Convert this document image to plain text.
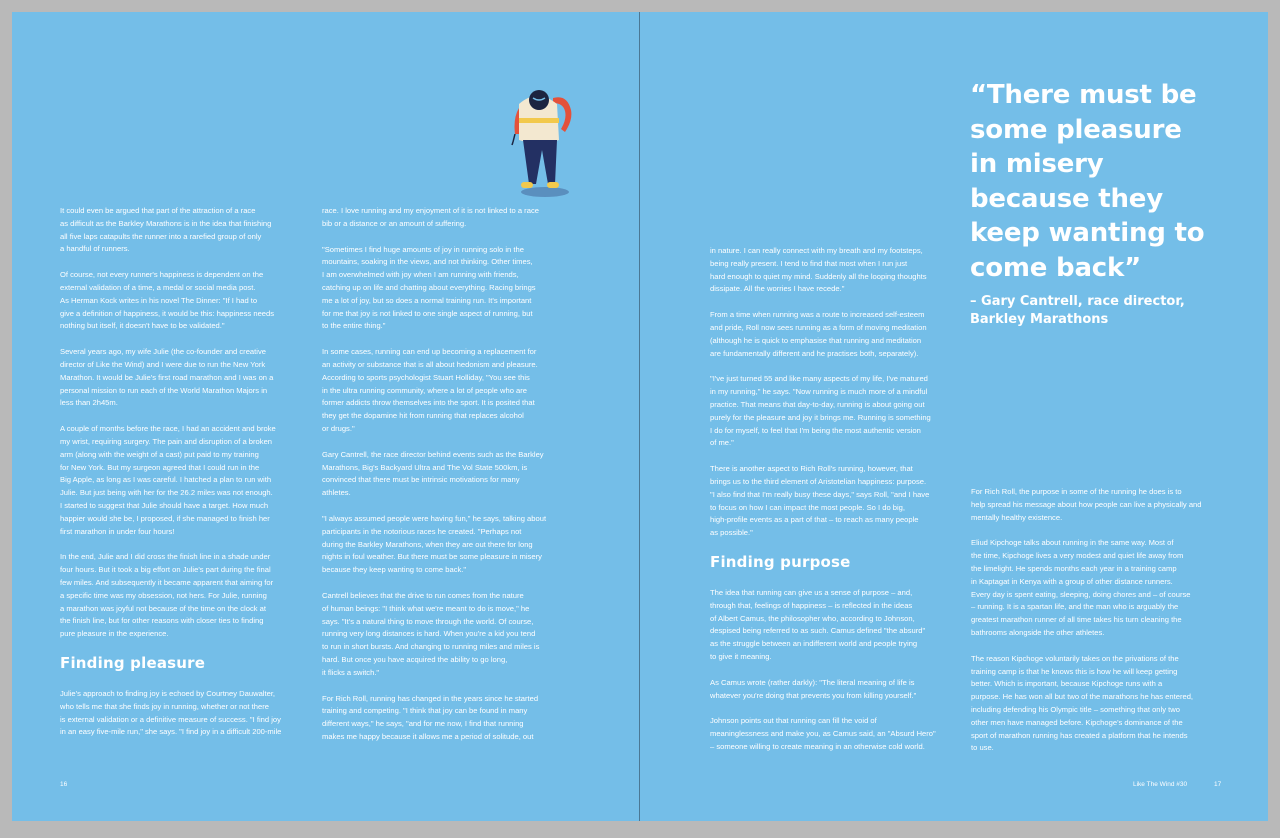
It could even be argued that part of the attraction of a race
as difficult as the Barkley Marathons is in the idea that finishing
all five laps catapults the runner into a rarefied group of only
a handful of runners.

Of course, not every runner's happiness is dependent on the
external validation of a time, a medal or social media post.
As Herman Kock writes in his novel The Dinner: "If I had to
give a definition of happiness, it would be this: happiness needs
nothing but itself, it doesn't have to be validated."

Several years ago, my wife Julie (the co-founder and creative
director of Like the Wind) and I were due to run the New York
Marathon. It would be Julie's first road marathon and I was on a
personal mission to run each of the World Marathon Majors in
less than 2h45m.

A couple of months before the race, I had an accident and broke
my wrist, requiring surgery. The pain and disruption of a broken
arm (along with the weight of a cast) put paid to my training
for New York. But my surgeon agreed that I could run in the
Big Apple, as long as I was careful. I hatched a plan to run with
Julie. But just being with her for the 26.2 miles was not enough.
I started to suggest that Julie should have a target. How much
happier would she be, I proposed, if she managed to finish her
first marathon in under four hours!

In the end, Julie and I did cross the finish line in a shade under
four hours. But it took a big effort on Julie's part during the final
few miles. And subsequently it became apparent that aiming for
a specific time was my obsession, not hers. For Julie, running
a marathon was joyful not because of the time on the clock at
the finish line, but for other reasons with closer ties to finding
pure pleasure in the experience.

Finding pleasure

Julie's approach to finding joy is echoed by Courtney Dauwalter,
who tells me that she finds joy in running, whether or not there
is external validation or a definitive measure of success. "I find joy
in an easy five-mile run," she says. "I find joy in a difficult 200-mile

race. I love running and my enjoyment of it is not linked to a race
bib or a distance or an amount of suffering.

"Sometimes I find huge amounts of joy in running solo in the
mountains, soaking in the views, and not thinking. Other times,
I am overwhelmed with joy when I am running with friends,
catching up on life and chatting about everything. Racing brings
me a lot of joy, but so does a normal training run. It's important
for me that joy is not linked to one single aspect of running, but
to the entire thing."

In some cases, running can end up becoming a replacement for
an activity or substance that is all about hedonism and pleasure.
According to sports psychologist Stuart Holliday, "You see this
in the ultra running community, where a lot of people who are
former addicts throw themselves into the sport. It is posited that
they get the dopamine hit from running that replaces alcohol
or drugs."

Gary Cantrell, the race director behind events such as the Barkley
Marathons, Big's Backyard Ultra and The Vol State 500km, is
convinced that there must be intrinsic motivations for many
athletes.

"I always assumed people were having fun," he says, talking about
participants in the notorious races he created. "Perhaps not
during the Barkley Marathons, when they are out there for long
nights in foul weather. But there must be some pleasure in misery
because they keep wanting to come back."

Cantrell believes that the drive to run comes from the nature
of human beings: "I think what we're meant to do is move," he
says. "It's a natural thing to move through the world. Of course,
running very long distances is hard. When you're a kid you tend
to run in short bursts. And changing to running miles and miles is
hard. But once you have acquired the ability to go long,
it flicks a switch."

For Rich Roll, running has changed in the years since he started
training and competing. "I think that joy can be found in many
different ways," he says, "and for me now, I find that running
makes me happy because it allows me a period of solitude, out

in nature. I can really connect with my breath and my footsteps,
being really present. I tend to find that most when I run just
hard enough to quiet my mind. Suddenly all the looping thoughts
dissipate. All the worries I have recede."

From a time when running was a route to increased self-esteem
and pride, Roll now sees running as a form of moving meditation
(although he is quick to emphasise that running and meditation
are fundamentally different and he practises both, separately).

"I've just turned 55 and like many aspects of my life, I've matured
in my running," he says. "Now running is much more of a mindful
practice. That means that day-to-day, running is about going out
purely for the pleasure and joy it brings me. Running is something
I do for myself, to feel that I'm being the most authentic version
of me."

There is another aspect to Rich Roll's running, however, that
brings us to the third element of Aristotelian happiness: purpose.
"I also find that I'm really busy these days," says Roll, "and I have
to focus on how I can impact the most people. So I do big,
high-profile events as a part of that – to reach as many people
as possible."

Finding purpose

The idea that running can give us a sense of purpose – and,
through that, feelings of happiness – is reflected in the ideas
of Albert Camus, the philosopher who, according to Johnson,
despised being referred to as such. Camus defined "the absurd"
as the struggle between an indifferent world and people trying
to give it meaning.

As Camus wrote (rather darkly): "The literal meaning of life is
whatever you're doing that prevents you from killing yourself."

Johnson points out that running can fill the void of
meaninglessness and make you, as Camus said, an "Absurd Hero"
– someone willing to create meaning in an otherwise cold world.

For Rich Roll, the purpose in some of the running he does is to
help spread his message about how people can live a physically and
mentally healthy existence.

Eliud Kipchoge talks about running in the same way. Most of
the time, Kipchoge lives a very modest and quiet life away from
the limelight. He spends months each year in a training camp
in Kaptagat in Kenya with a group of other distance runners.
Every day is spent eating, sleeping, doing chores and – of course
– running. It is a spartan life, and the man who is arguably the
greatest marathon runner of all time takes his turn cleaning the
bathrooms alongside the other athletes.

The reason Kipchoge voluntarily takes on the privations of the
training camp is that he knows this is how he will keep getting
better. Which is important, because Kipchoge runs with a
purpose. He has won all but two of the marathons he has entered,
including defending his Olympic title – something that only two
other men have managed before. Kipchoge's dominance of the
sport of marathon running has created a platform that he intends
to use.

“There must be
some pleasure
in misery
because they
keep wanting to
come back”

– Gary Cantrell, race director,
Barkley Marathons
16	Like The Wind #30	17
